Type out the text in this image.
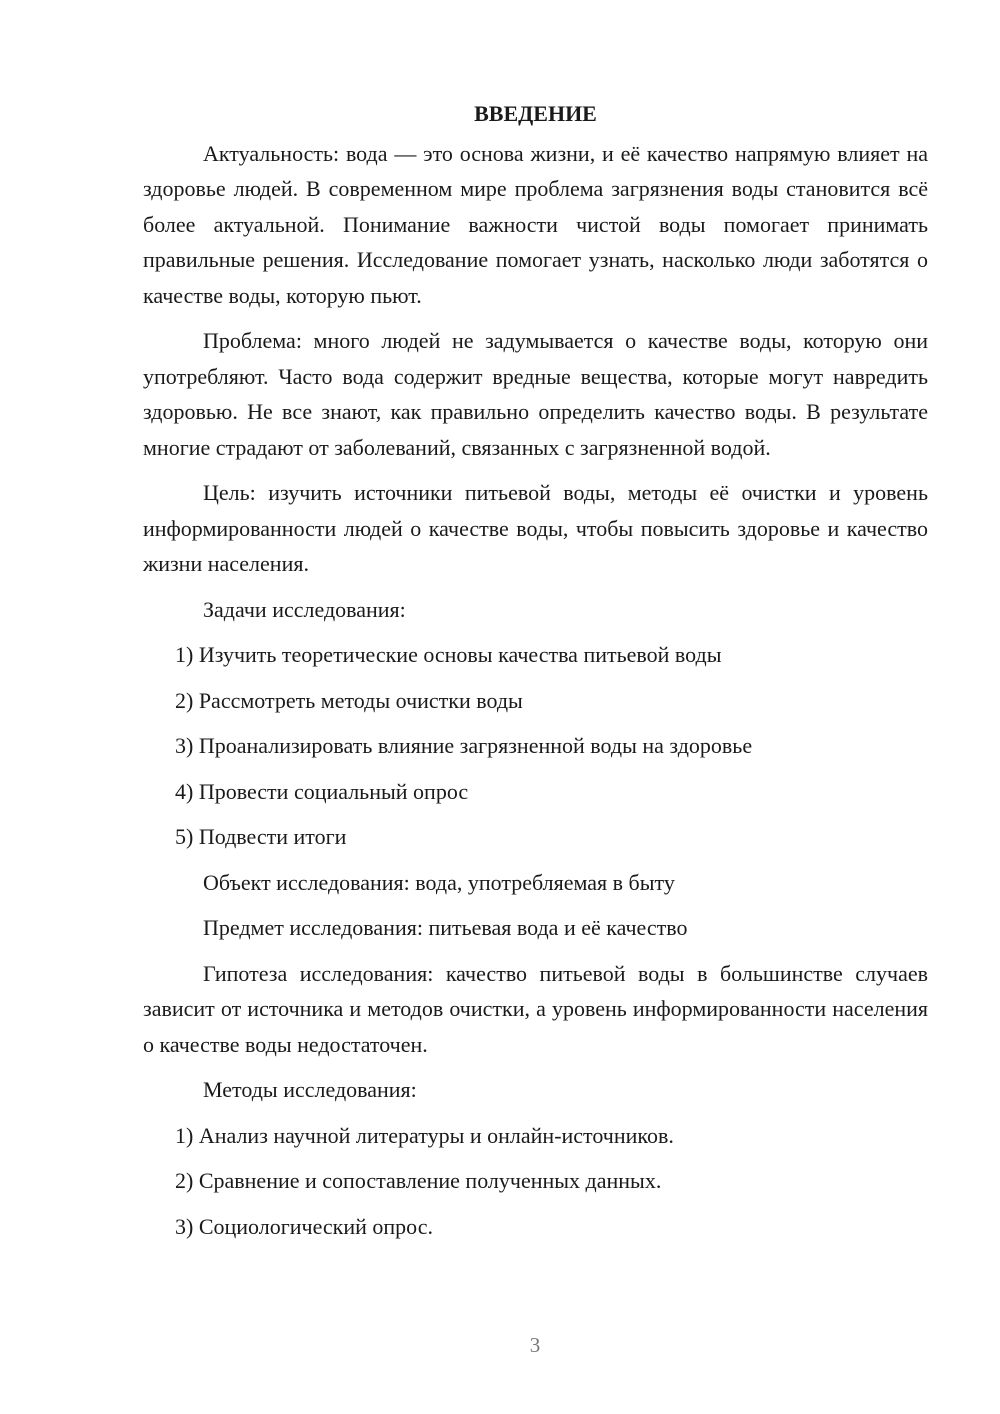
ВВЕДЕНИЕ

Актуальность: вода — это основа жизни, и её качество напрямую влияет на здоровье людей. В современном мире проблема загрязнения воды становится всё более актуальной. Понимание важности чистой воды помогает принимать правильные решения. Исследование помогает узнать, насколько люди заботятся о качестве воды, которую пьют.

Проблема: много людей не задумывается о качестве воды, которую они употребляют. Часто вода содержит вредные вещества, которые могут навредить здоровью. Не все знают, как правильно определить качество воды. В результате многие страдают от заболеваний, связанных с загрязненной водой.

Цель: изучить источники питьевой воды, методы её очистки и уровень информированности людей о качестве воды, чтобы повысить здоровье и качество жизни населения.

Задачи исследования:

1) Изучить теоретические основы качества питьевой воды

2) Рассмотреть методы очистки воды

3) Проанализировать влияние загрязненной воды на здоровье

4) Провести социальный опрос

5) Подвести итоги

Объект исследования: вода, употребляемая в быту

Предмет исследования: питьевая вода и её качество

Гипотеза исследования: качество питьевой воды в большинстве случаев зависит от источника и методов очистки, а уровень информированности населения о качестве воды недостаточен.

Методы исследования:

1) Анализ научной литературы и онлайн-источников.

2) Сравнение и сопоставление полученных данных.

3) Социологический опрос.

3
